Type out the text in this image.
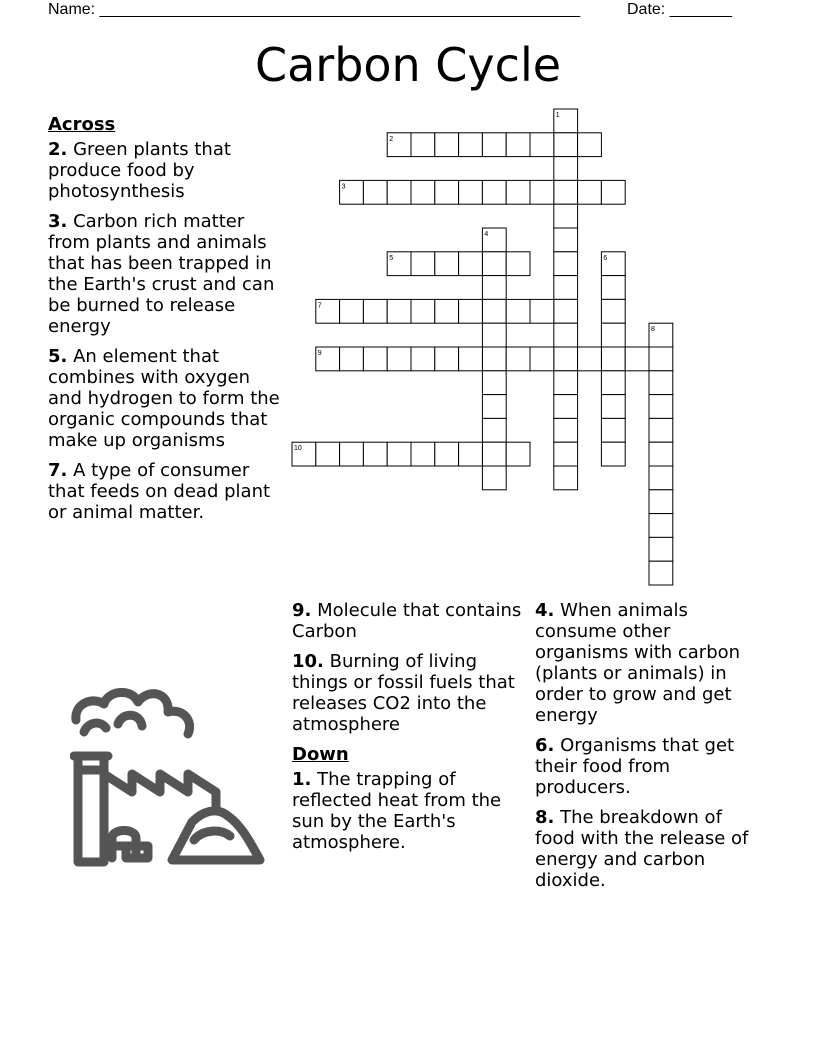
Name: ______________________________________________________	Date: _______
Carbon Cycle
1
2
3
4
5	6
7
8
9
10
Across
2. Green plants that produce food by photosynthesis
3. Carbon rich matter from plants and animals that has been trapped in the Earth's crust and can be burned to release energy
5. An element that combines with oxygen and hydrogen to form the organic compounds that make up organisms
7. A type of consumer that feeds on dead plant or animal matter.
9. Molecule that contains Carbon
10. Burning of living things or fossil fuels that releases CO2 into the atmosphere
Down
1. The trapping of reflected heat from the sun by the Earth's atmosphere.
4. When animals consume other organisms with carbon (plants or animals) in order to grow and get energy
6. Organisms that get their food from producers.
8. The breakdown of food with the release of energy and carbon dioxide.
